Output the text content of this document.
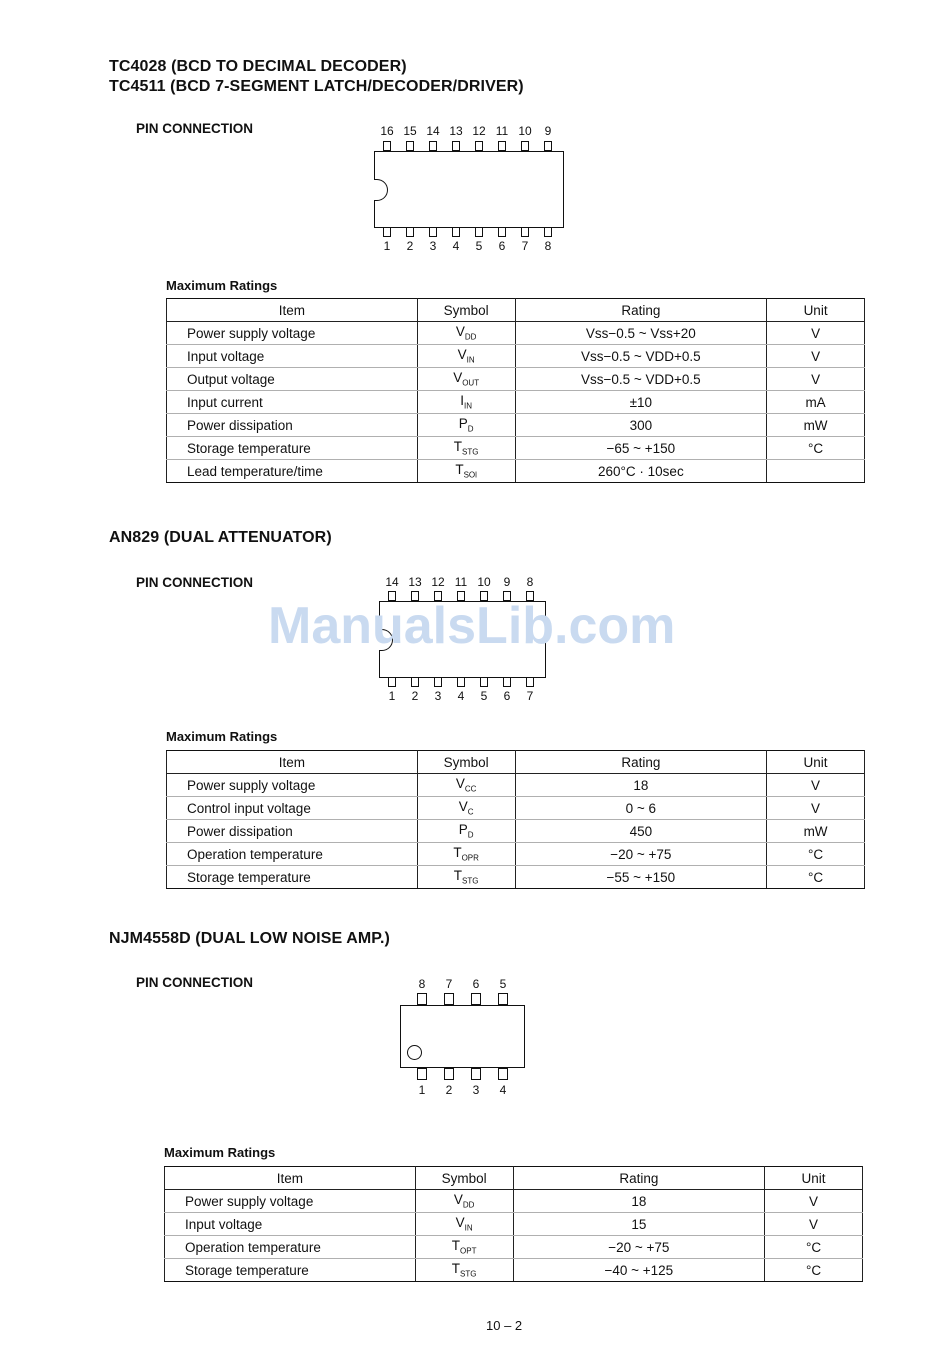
TC4028 (BCD TO DECIMAL DECODER)
TC4511 (BCD 7-SEGMENT LATCH/DECODER/DRIVER)
PIN CONNECTION	16 15 14 13 12 11 10	9
1	2	3	4	5	6	7	8
Maximum Ratings
Item	Symbol	Rating	Unit
Power supply voltage	$V_{DD}$	Vss−0.5 ~ Vss+20	V
Input voltage	$V_{IN}$	Vss−0.5 ~ VDD+0.5	V
Output voltage	$V_{OUT}$	Vss−0.5 ~ VDD+0.5	V
Input current	$I_{IN}$	±10	mA
Power dissipation	$P_D$	300	mW
Storage temperature	$T_{STG}$	−65 ~ +150	°C
Lead temperature/time	$T_{SOl}$	260°C · 10sec	
AN829 (DUAL ATTENUATOR)
PIN CONNECTION	14 13 12 11 10	9	8
1	2	3	4	5	6	7
ManualsLib.com
Maximum Ratings
Item	Symbol	Rating	Unit
Power supply voltage	$V_{CC}$	18	V
Control input voltage	$V_C$	0 ~ 6	V
Power dissipation	$P_D$	450	mW
Operation temperature	$T_{OPR}$	−20 ~ +75	°C
Storage temperature	$T_{STG}$	−55 ~ +150	°C
NJM4558D (DUAL LOW NOISE AMP.)
PIN CONNECTION	8	7	6	5
1	2	3	4
Maximum Ratings
Item	Symbol	Rating	Unit
Power supply voltage	$V_{DD}$	18	V
Input voltage	$V_{IN}$	15	V
Operation temperature	$T_{OPT}$	−20 ~ +75	°C
Storage temperature	$T_{STG}$	−40 ~ +125	°C
10 – 2
